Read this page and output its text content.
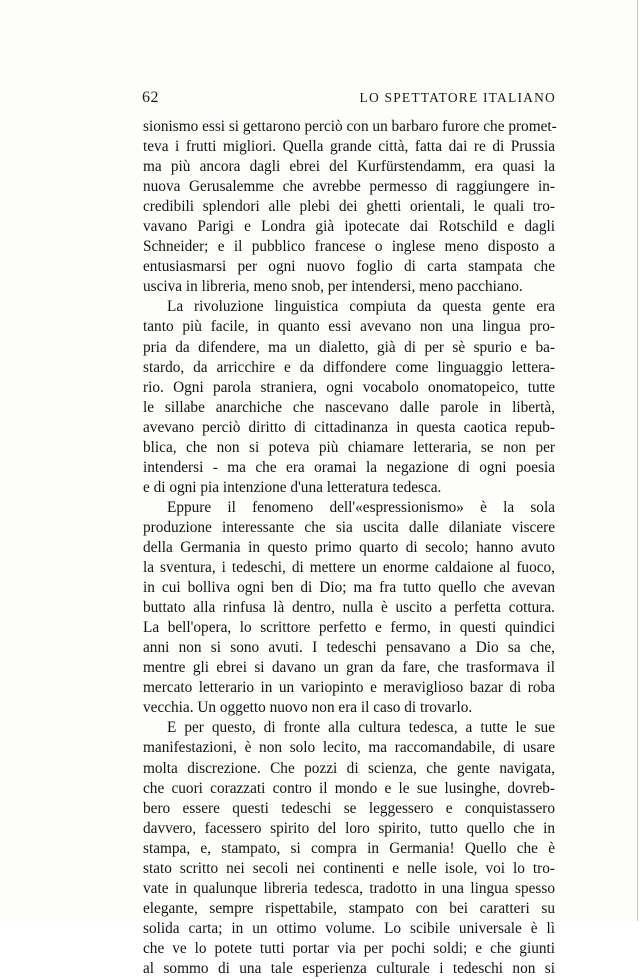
62	LO SPETTATORE ITALIANO
sionismo essi si gettarono perciò con un barbaro furore che promet-
teva i frutti migliori. Quella grande città, fatta dai re di Prussia
ma più ancora dagli ebrei del Kurfürstendamm, era quasi la
nuova Gerusalemme che avrebbe permesso di raggiungere in-
credibili splendori alle plebi dei ghetti orientali, le quali tro-
vavano Parigi e Londra già ipotecate dai Rotschild e dagli
Schneider; e il pubblico francese o inglese meno disposto a
entusiasmarsi per ogni nuovo foglio di carta stampata che
usciva in libreria, meno snob, per intendersi, meno pacchiano.
La rivoluzione linguistica compiuta da questa gente era
tanto più facile, in quanto essi avevano non una lingua pro-
pria da difendere, ma un dialetto, già di per sè spurio e ba-
stardo, da arricchire e da diffondere come linguaggio lettera-
rio. Ogni parola straniera, ogni vocabolo onomatopeico, tutte
le sillabe anarchiche che nascevano dalle parole in libertà,
avevano perciò diritto di cittadinanza in questa caotica repub-
blica, che non si poteva più chiamare letteraria, se non per
intendersi - ma che era oramai la negazione di ogni poesia
e di ogni pia intenzione d'una letteratura tedesca.
Eppure il fenomeno dell'«espressionismo» è la sola
produzione interessante che sia uscita dalle dilaniate viscere
della Germania in questo primo quarto di secolo; hanno avuto
la sventura, i tedeschi, di mettere un enorme caldaione al fuoco,
in cui bolliva ogni ben di Dio; ma fra tutto quello che avevan
buttato alla rinfusa là dentro, nulla è uscito a perfetta cottura.
La bell'opera, lo scrittore perfetto e fermo, in questi quindici
anni non si sono avuti. I tedeschi pensavano a Dio sa che,
mentre gli ebrei si davano un gran da fare, che trasformava il
mercato letterario in un variopinto e meraviglioso bazar di roba
vecchia. Un oggetto nuovo non era il caso di trovarlo.
E per questo, di fronte alla cultura tedesca, a tutte le sue
manifestazioni, è non solo lecito, ma raccomandabile, di usare
molta discrezione. Che pozzi di scienza, che gente navigata,
che cuori corazzati contro il mondo e le sue lusinghe, dovreb-
bero essere questi tedeschi se leggessero e conquistassero
davvero, facessero spirito del loro spirito, tutto quello che in
stampa, e, stampato, si compra in Germania! Quello che è
stato scritto nei secoli nei continenti e nelle isole, voi lo tro-
vate in qualunque libreria tedesca, tradotto in una lingua spesso
elegante, sempre rispettabile, stampato con bei caratteri su
solida carta; in un ottimo volume. Lo scibile universale è lì
che ve lo potete tutti portar via per pochi soldi; e che giunti
al sommo di una tale esperienza culturale i tedeschi non si
